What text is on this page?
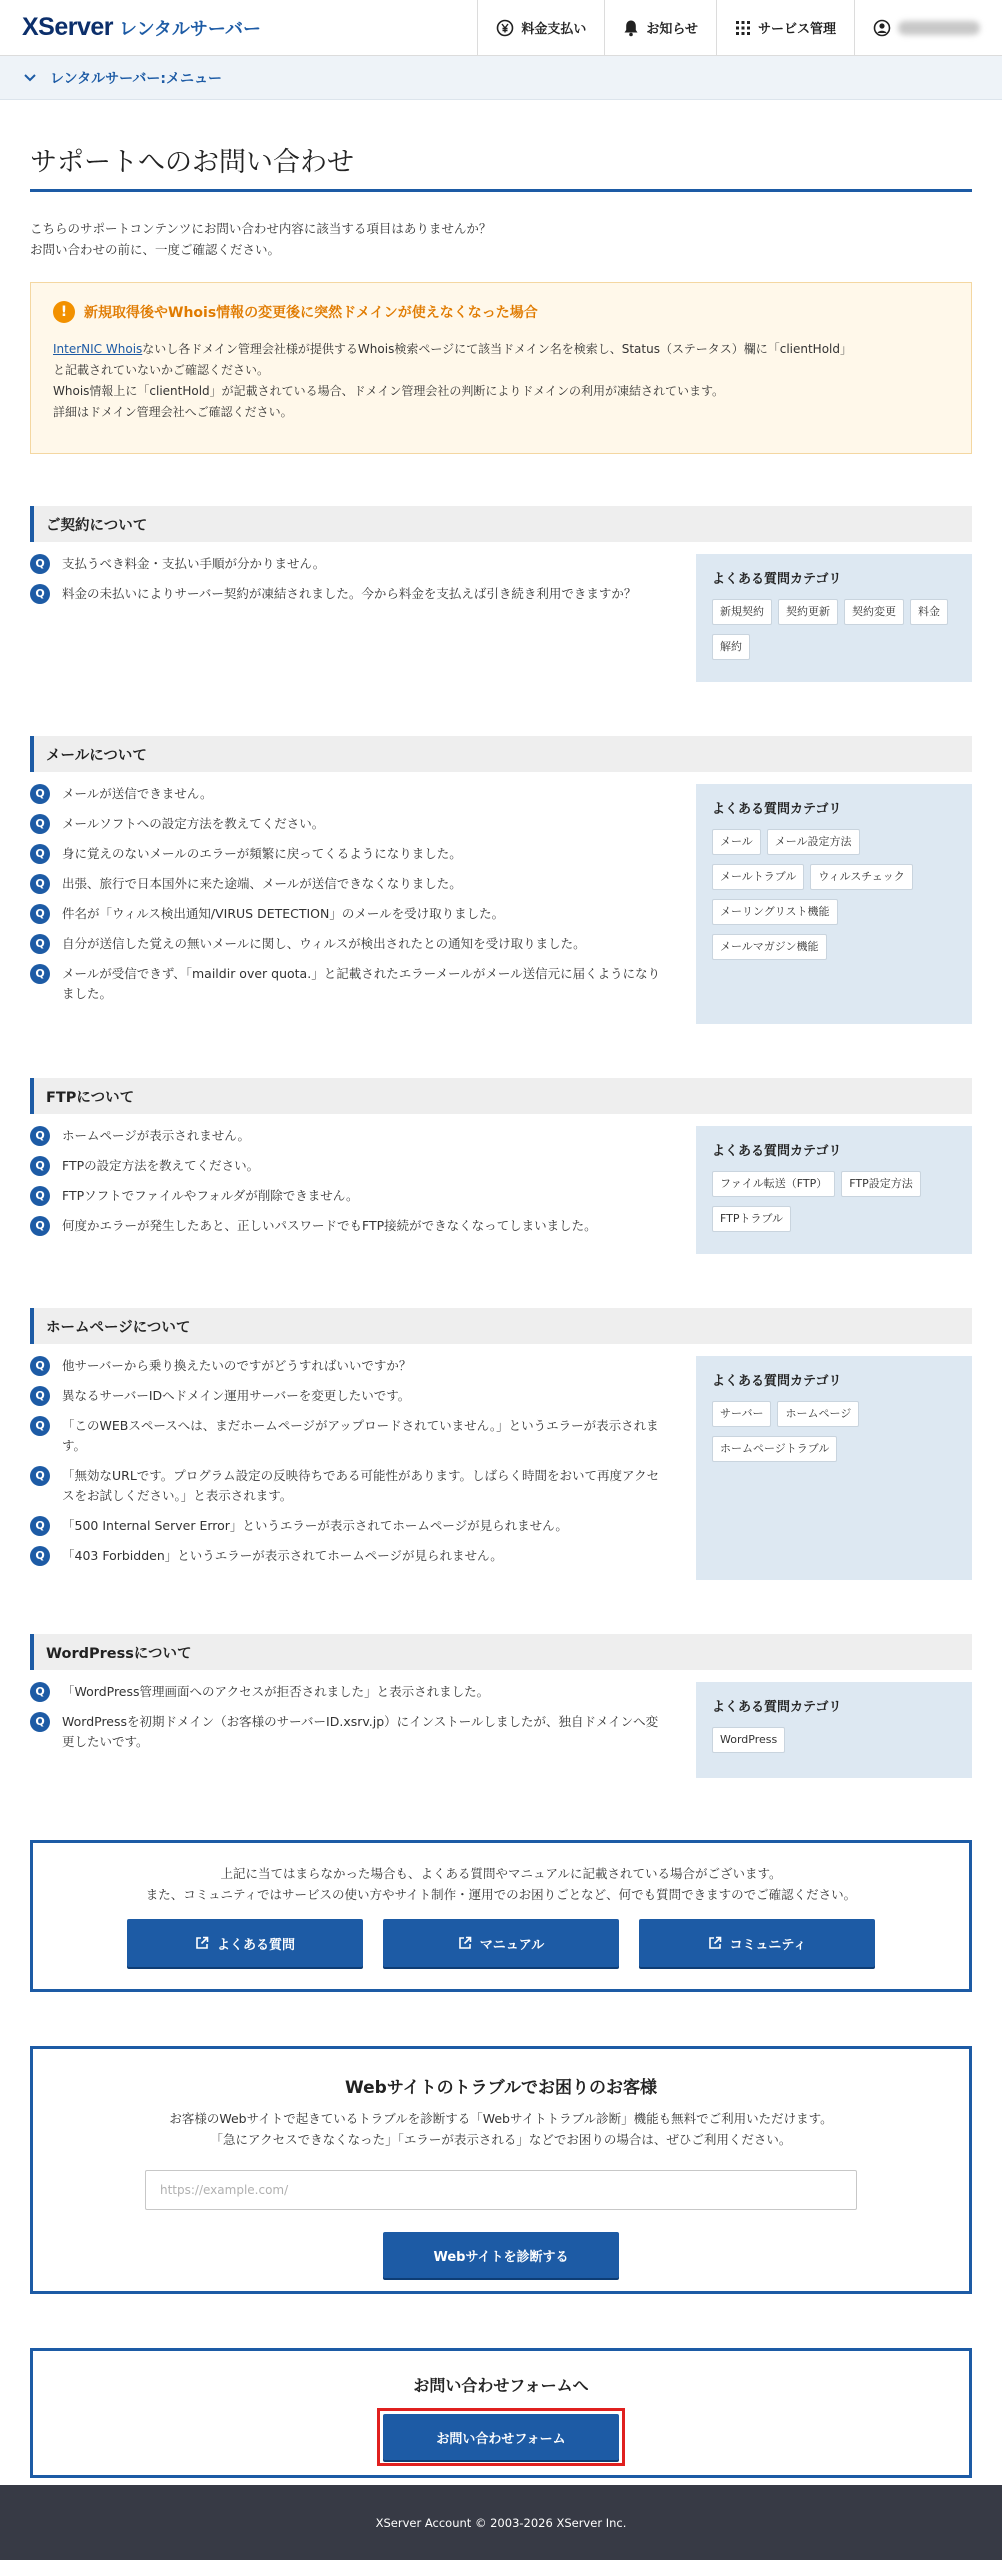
XServer レンタルサーバー	料金支払い	お知らせ	サービス管理
レンタルサーバー:メニュー
サポートへのお問い合わせ
こちらのサポートコンテンツにお問い合わせ内容に該当する項目はありませんか？
お問い合わせの前に、一度ご確認ください。
!	新規取得後やWhois情報の変更後に突然ドメインが使えなくなった場合

InterNIC Whoisないし各ドメイン管理会社様が提供するWhois検索ページにて該当ドメイン名を検索し、Status（ステータス）欄に「clientHold」

と記載されていないかご確認ください。

Whois情報上に「clientHold」が記載されている場合、ドメイン管理会社の判断によりドメインの利用が凍結されています。

詳細はドメイン管理会社へご確認ください。

ご契約について
Q	支払うべき料金・支払い手順が分かりません。
Q	料金の未払いによりサーバー契約が凍結されました。今から料金を支払えば引き続き利用できますか？
よくある質問カテゴリ
新規契約	契約更新	契約変更	料金
解約
メールについて
Q	メールが送信できません。
Q	メールソフトへの設定方法を教えてください。
Q	身に覚えのないメールのエラーが頻繁に戻ってくるようになりました。
Q	出張、旅行で日本国外に来た途端、メールが送信できなくなりました。
Q	件名が「ウィルス検出通知/VIRUS DETECTION」のメールを受け取りました。
Q	自分が送信した覚えの無いメールに関し、ウィルスが検出されたとの通知を受け取りました。
Q	メールが受信できず、「maildir over quota.」と記載されたエラーメールがメール送信元に届くようになりました。
よくある質問カテゴリ
メール	メール設定方法
メールトラブル	ウィルスチェック
メーリングリスト機能
メールマガジン機能
FTPについて
Q	ホームページが表示されません。
Q	FTPの設定方法を教えてください。
Q	FTPソフトでファイルやフォルダが削除できません。
Q	何度かエラーが発生したあと、正しいパスワードでもFTP接続ができなくなってしまいました。
よくある質問カテゴリ
ファイル転送（FTP）	FTP設定方法
FTPトラブル
ホームページについて
Q	他サーバーから乗り換えたいのですがどうすればいいですか？
Q	異なるサーバーIDへドメイン運用サーバーを変更したいです。
Q	「このWEBスペースへは、まだホームページがアップロードされていません。」というエラーが表示されます。
Q	「無効なURLです。プログラム設定の反映待ちである可能性があります。しばらく時間をおいて再度アクセスをお試しください。」と表示されます。
Q	「500 Internal Server Error」というエラーが表示されてホームページが見られません。
Q	「403 Forbidden」というエラーが表示されてホームページが見られません。
よくある質問カテゴリ
サーバー	ホームページ
ホームページトラブル
WordPressについて
Q	「WordPress管理画面へのアクセスが拒否されました」と表示されました。
Q	WordPressを初期ドメイン（お客様のサーバーID.xsrv.jp）にインストールしましたが、独自ドメインへ変更したいです。
よくある質問カテゴリ
WordPress

上記に当てはまらなかった場合も、よくある質問やマニュアルに記載されている場合がございます。

また、コミュニティではサービスの使い方やサイト制作・運用でのお困りごとなど、何でも質問できますのでご確認ください。

よくある質問	マニュアル	コミュニティ
Webサイトのトラブルでお困りのお客様

お客様のWebサイトで起きているトラブルを診断する「Webサイトトラブル診断」機能も無料でご利用いただけます。

「急にアクセスできなくなった」「エラーが表示される」などでお困りの場合は、ぜひご利用ください。

https://example.com/ Webサイトを診断する
お問い合わせフォームへ
お問い合わせフォーム
XServer Account © 2003-2026 XServer Inc.
